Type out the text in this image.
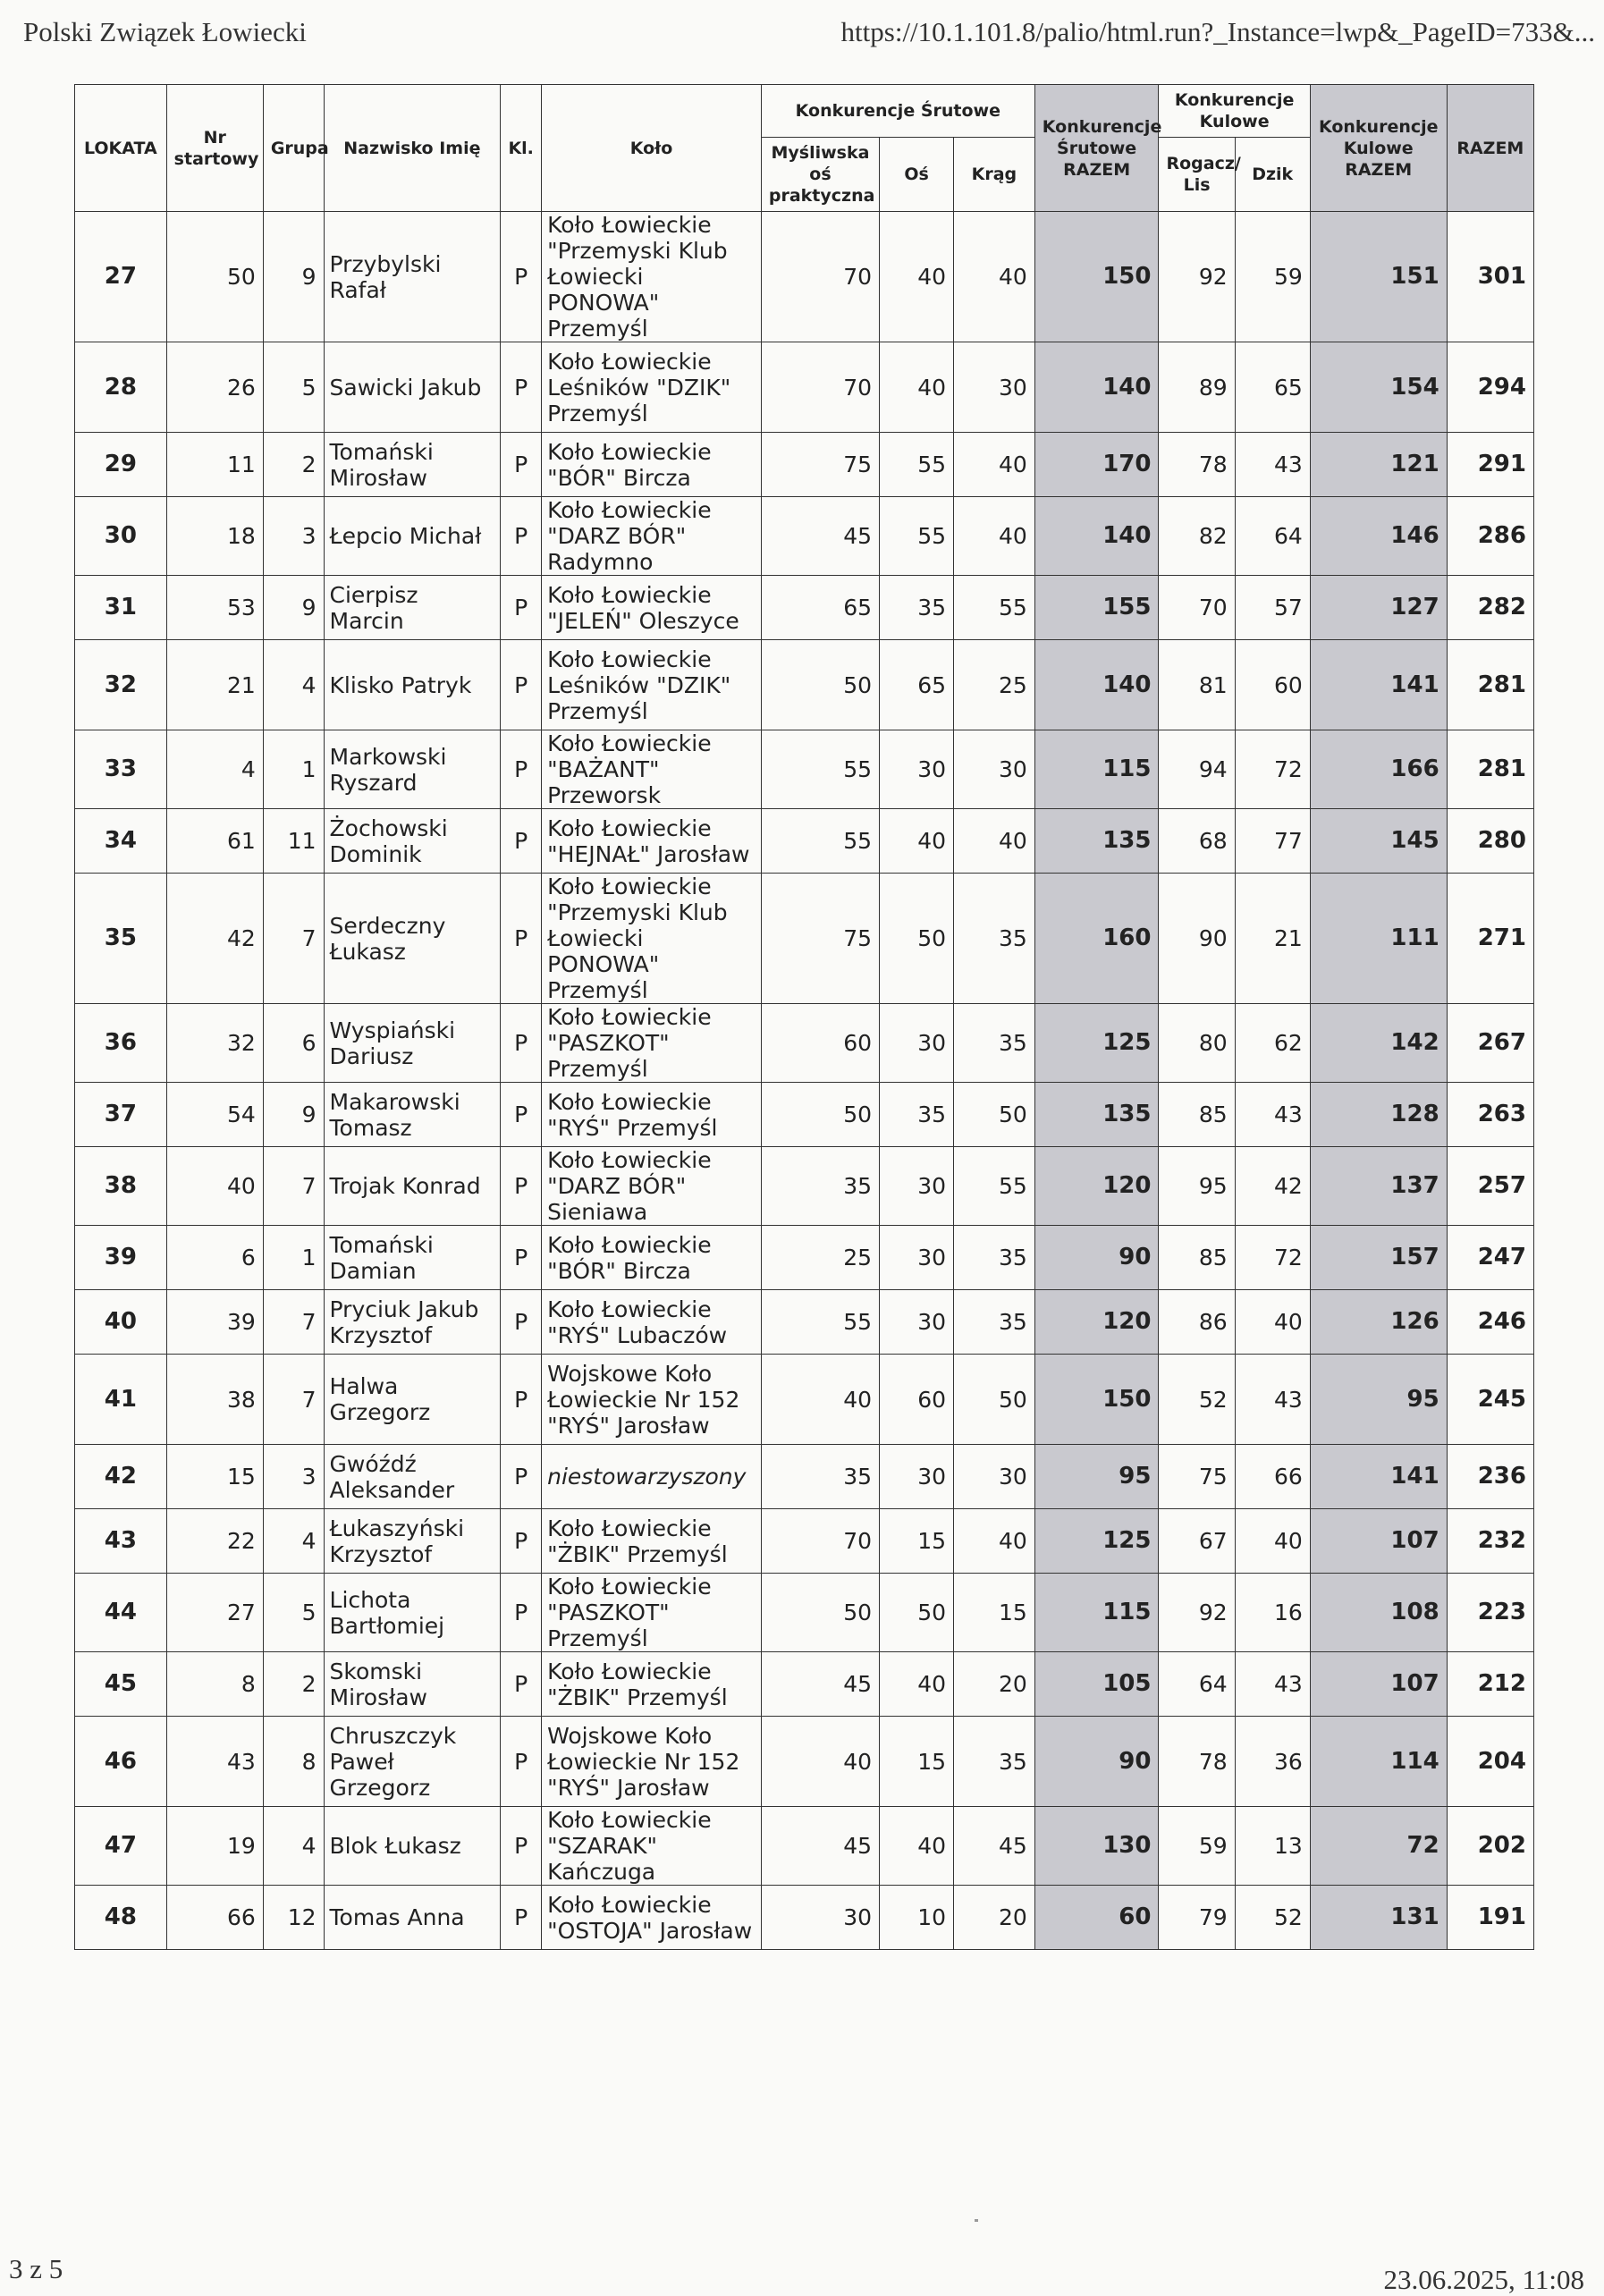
Polski Związek Łowiecki	https://10.1.101.8/palio/html.run?_Instance=lwp&_PageID=733&...
LOKATA	Nr startowy	Grupa	Nazwisko Imię	Kl.	Koło	Konkurencje Śrutowe			Konkurencje Śrutowe RAZEM	Konkurencje Kulowe		Konkurencje Kulowe RAZEM	RAZEM
						Myśliwska oś praktyczna	Oś	Krąg		Rogacz/ Lis	Dzik		
27	50	9	Przybylski Rafał	P	Koło Łowieckie "Przemyski Klub Łowiecki PONOWA" Przemyśl	70	40	40	150	92	59	151	301
28	26	5	Sawicki Jakub	P	Koło Łowieckie Leśników "DZIK" Przemyśl	70	40	30	140	89	65	154	294
29	11	2	Tomański Mirosław	P	Koło Łowieckie "BÓR" Bircza	75	55	40	170	78	43	121	291
30	18	3	Łepcio Michał	P	Koło Łowieckie "DARZ BÓR" Radymno	45	55	40	140	82	64	146	286
31	53	9	Cierpisz Marcin	P	Koło Łowieckie "JELEŃ" Oleszyce	65	35	55	155	70	57	127	282
32	21	4	Klisko Patryk	P	Koło Łowieckie Leśników "DZIK" Przemyśl	50	65	25	140	81	60	141	281
33	4	1	Markowski Ryszard	P	Koło Łowieckie "BAŻANT" Przeworsk	55	30	30	115	94	72	166	281
34	61	11	Żochowski Dominik	P	Koło Łowieckie "HEJNAŁ" Jarosław	55	40	40	135	68	77	145	280
35	42	7	Serdeczny Łukasz	P	Koło Łowieckie "Przemyski Klub Łowiecki PONOWA" Przemyśl	75	50	35	160	90	21	111	271
36	32	6	Wyspiański Dariusz	P	Koło Łowieckie "PASZKOT" Przemyśl	60	30	35	125	80	62	142	267
37	54	9	Makarowski Tomasz	P	Koło Łowieckie "RYŚ" Przemyśl	50	35	50	135	85	43	128	263
38	40	7	Trojak Konrad	P	Koło Łowieckie "DARZ BÓR" Sieniawa	35	30	55	120	95	42	137	257
39	6	1	Tomański Damian	P	Koło Łowieckie "BÓR" Bircza	25	30	35	90	85	72	157	247
40	39	7	Pryciuk Jakub Krzysztof	P	Koło Łowieckie "RYŚ" Lubaczów	55	30	35	120	86	40	126	246
41	38	7	Halwa Grzegorz	P	Wojskowe Koło Łowieckie Nr 152 "RYŚ" Jarosław	40	60	50	150	52	43	95	245
42	15	3	Gwóźdź Aleksander	P	niestowarzyszony	35	30	30	95	75	66	141	236
43	22	4	Łukaszyński Krzysztof	P	Koło Łowieckie "ŻBIK" Przemyśl	70	15	40	125	67	40	107	232
44	27	5	Lichota Bartłomiej	P	Koło Łowieckie "PASZKOT" Przemyśl	50	50	15	115	92	16	108	223
45	8	2	Skomski Mirosław	P	Koło Łowieckie "ŻBIK" Przemyśl	45	40	20	105	64	43	107	212
46	43	8	Chruszczyk Paweł Grzegorz	P	Wojskowe Koło Łowieckie Nr 152 "RYŚ" Jarosław	40	15	35	90	78	36	114	204
47	19	4	Blok Łukasz	P	Koło Łowieckie "SZARAK" Kańczuga	45	40	45	130	59	13	72	202
48	66	12	Tomas Anna	P	Koło Łowieckie "OSTOJA" Jarosław	30	10	20	60	79	52	131	191
3 z 5	23.06.2025, 11:08
